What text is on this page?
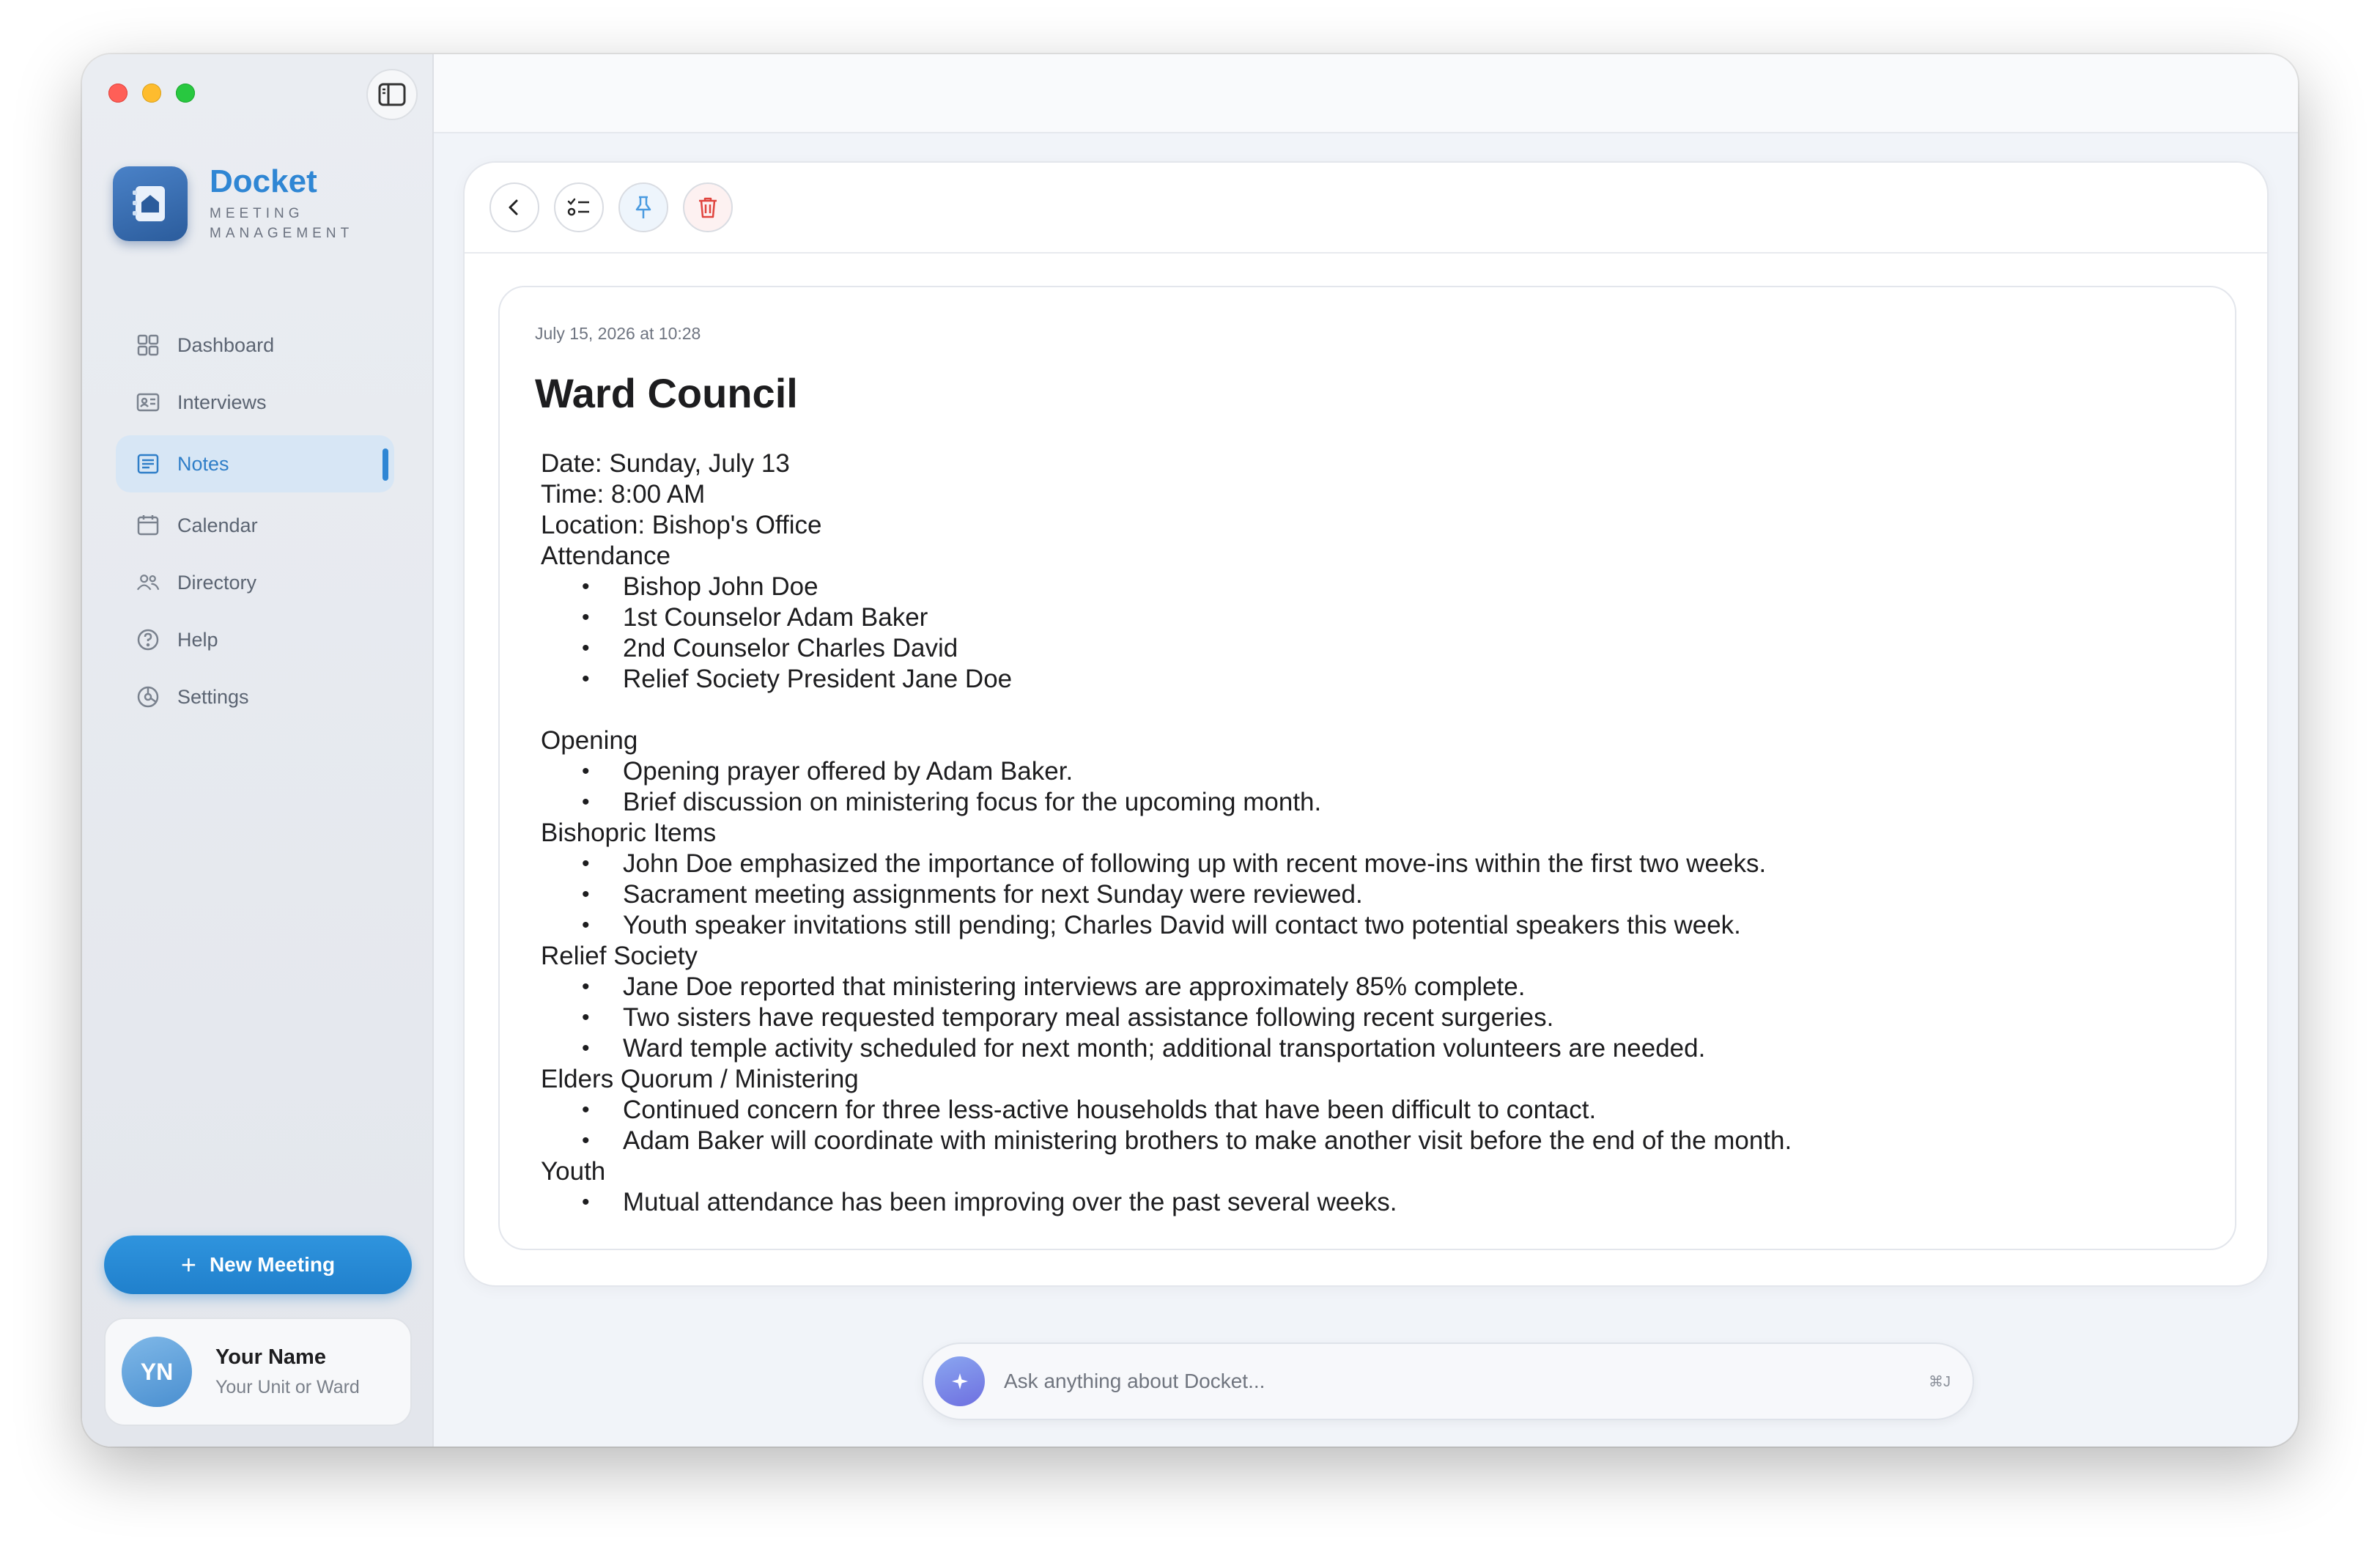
Docket
MEETING MANAGEMENT
Dashboard
Interviews
Notes
Calendar
Directory
Help
Settings
+ New Meeting
YN
Your Name
Your Unit or Ward
July 15, 2026 at 10:28
Ward Council
Date: Sunday, July 13
Time: 8:00 AM
Location: Bishop's Office
Attendance
• Bishop John Doe
• 1st Counselor Adam Baker
• 2nd Counselor Charles David
• Relief Society President Jane Doe
Opening
• Opening prayer offered by Adam Baker.
• Brief discussion on ministering focus for the upcoming month.
Bishopric Items
• John Doe emphasized the importance of following up with recent move-ins within the first two weeks.
• Sacrament meeting assignments for next Sunday were reviewed.
• Youth speaker invitations still pending; Charles David will contact two potential speakers this week.
Relief Society
• Jane Doe reported that ministering interviews are approximately 85% complete.
• Two sisters have requested temporary meal assistance following recent surgeries.
• Ward temple activity scheduled for next month; additional transportation volunteers are needed.
Elders Quorum / Ministering
• Continued concern for three less-active households that have been difficult to contact.
• Adam Baker will coordinate with ministering brothers to make another visit before the end of the month.
Youth
• Mutual attendance has been improving over the past several weeks.
Ask anything about Docket...	⌘J
